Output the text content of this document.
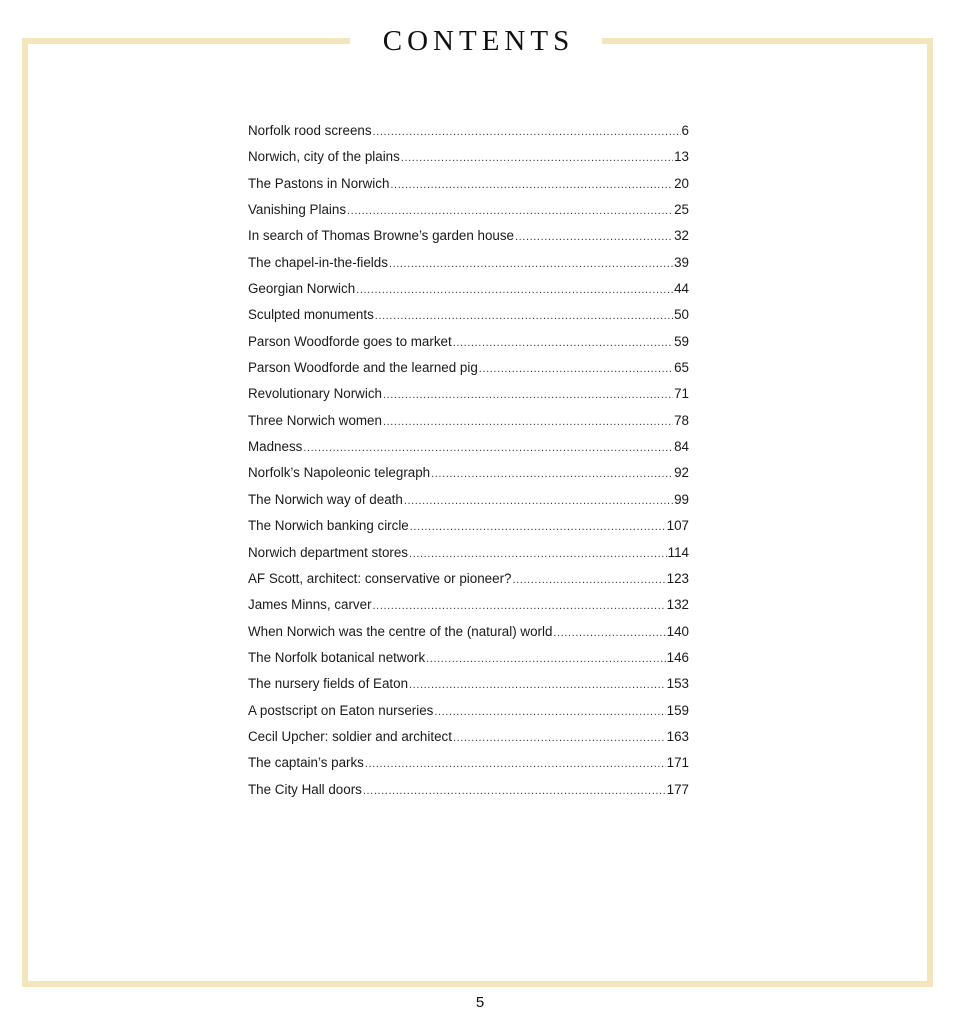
CONTENTS
Norfolk rood screens .....	6
Norwich, city of the plains .....	13
The Pastons in Norwich .....	20
Vanishing Plains .....	25
In search of Thomas Browne’s garden house .....	32
The chapel-in-the-fields .....	39
Georgian Norwich .....	44
Sculpted monuments .....	50
Parson Woodforde goes to market .....	59
Parson Woodforde and the learned pig .....	65
Revolutionary Norwich .....	71
Three Norwich women .....	78
Madness .....	84
Norfolk’s Napoleonic telegraph .....	92
The Norwich way of death .....	99
The Norwich banking circle .....	107
Norwich department stores .....	114
AF Scott, architect: conservative or pioneer? .....	123
James Minns, carver .....	132
When Norwich was the centre of the (natural) world .....	140
The Norfolk botanical network .....	146
The nursery fields of Eaton .....	153
A postscript on Eaton nurseries .....	159
Cecil Upcher: soldier and architect .....	163
The captain’s parks .....	171
The City Hall doors .....	177
5
